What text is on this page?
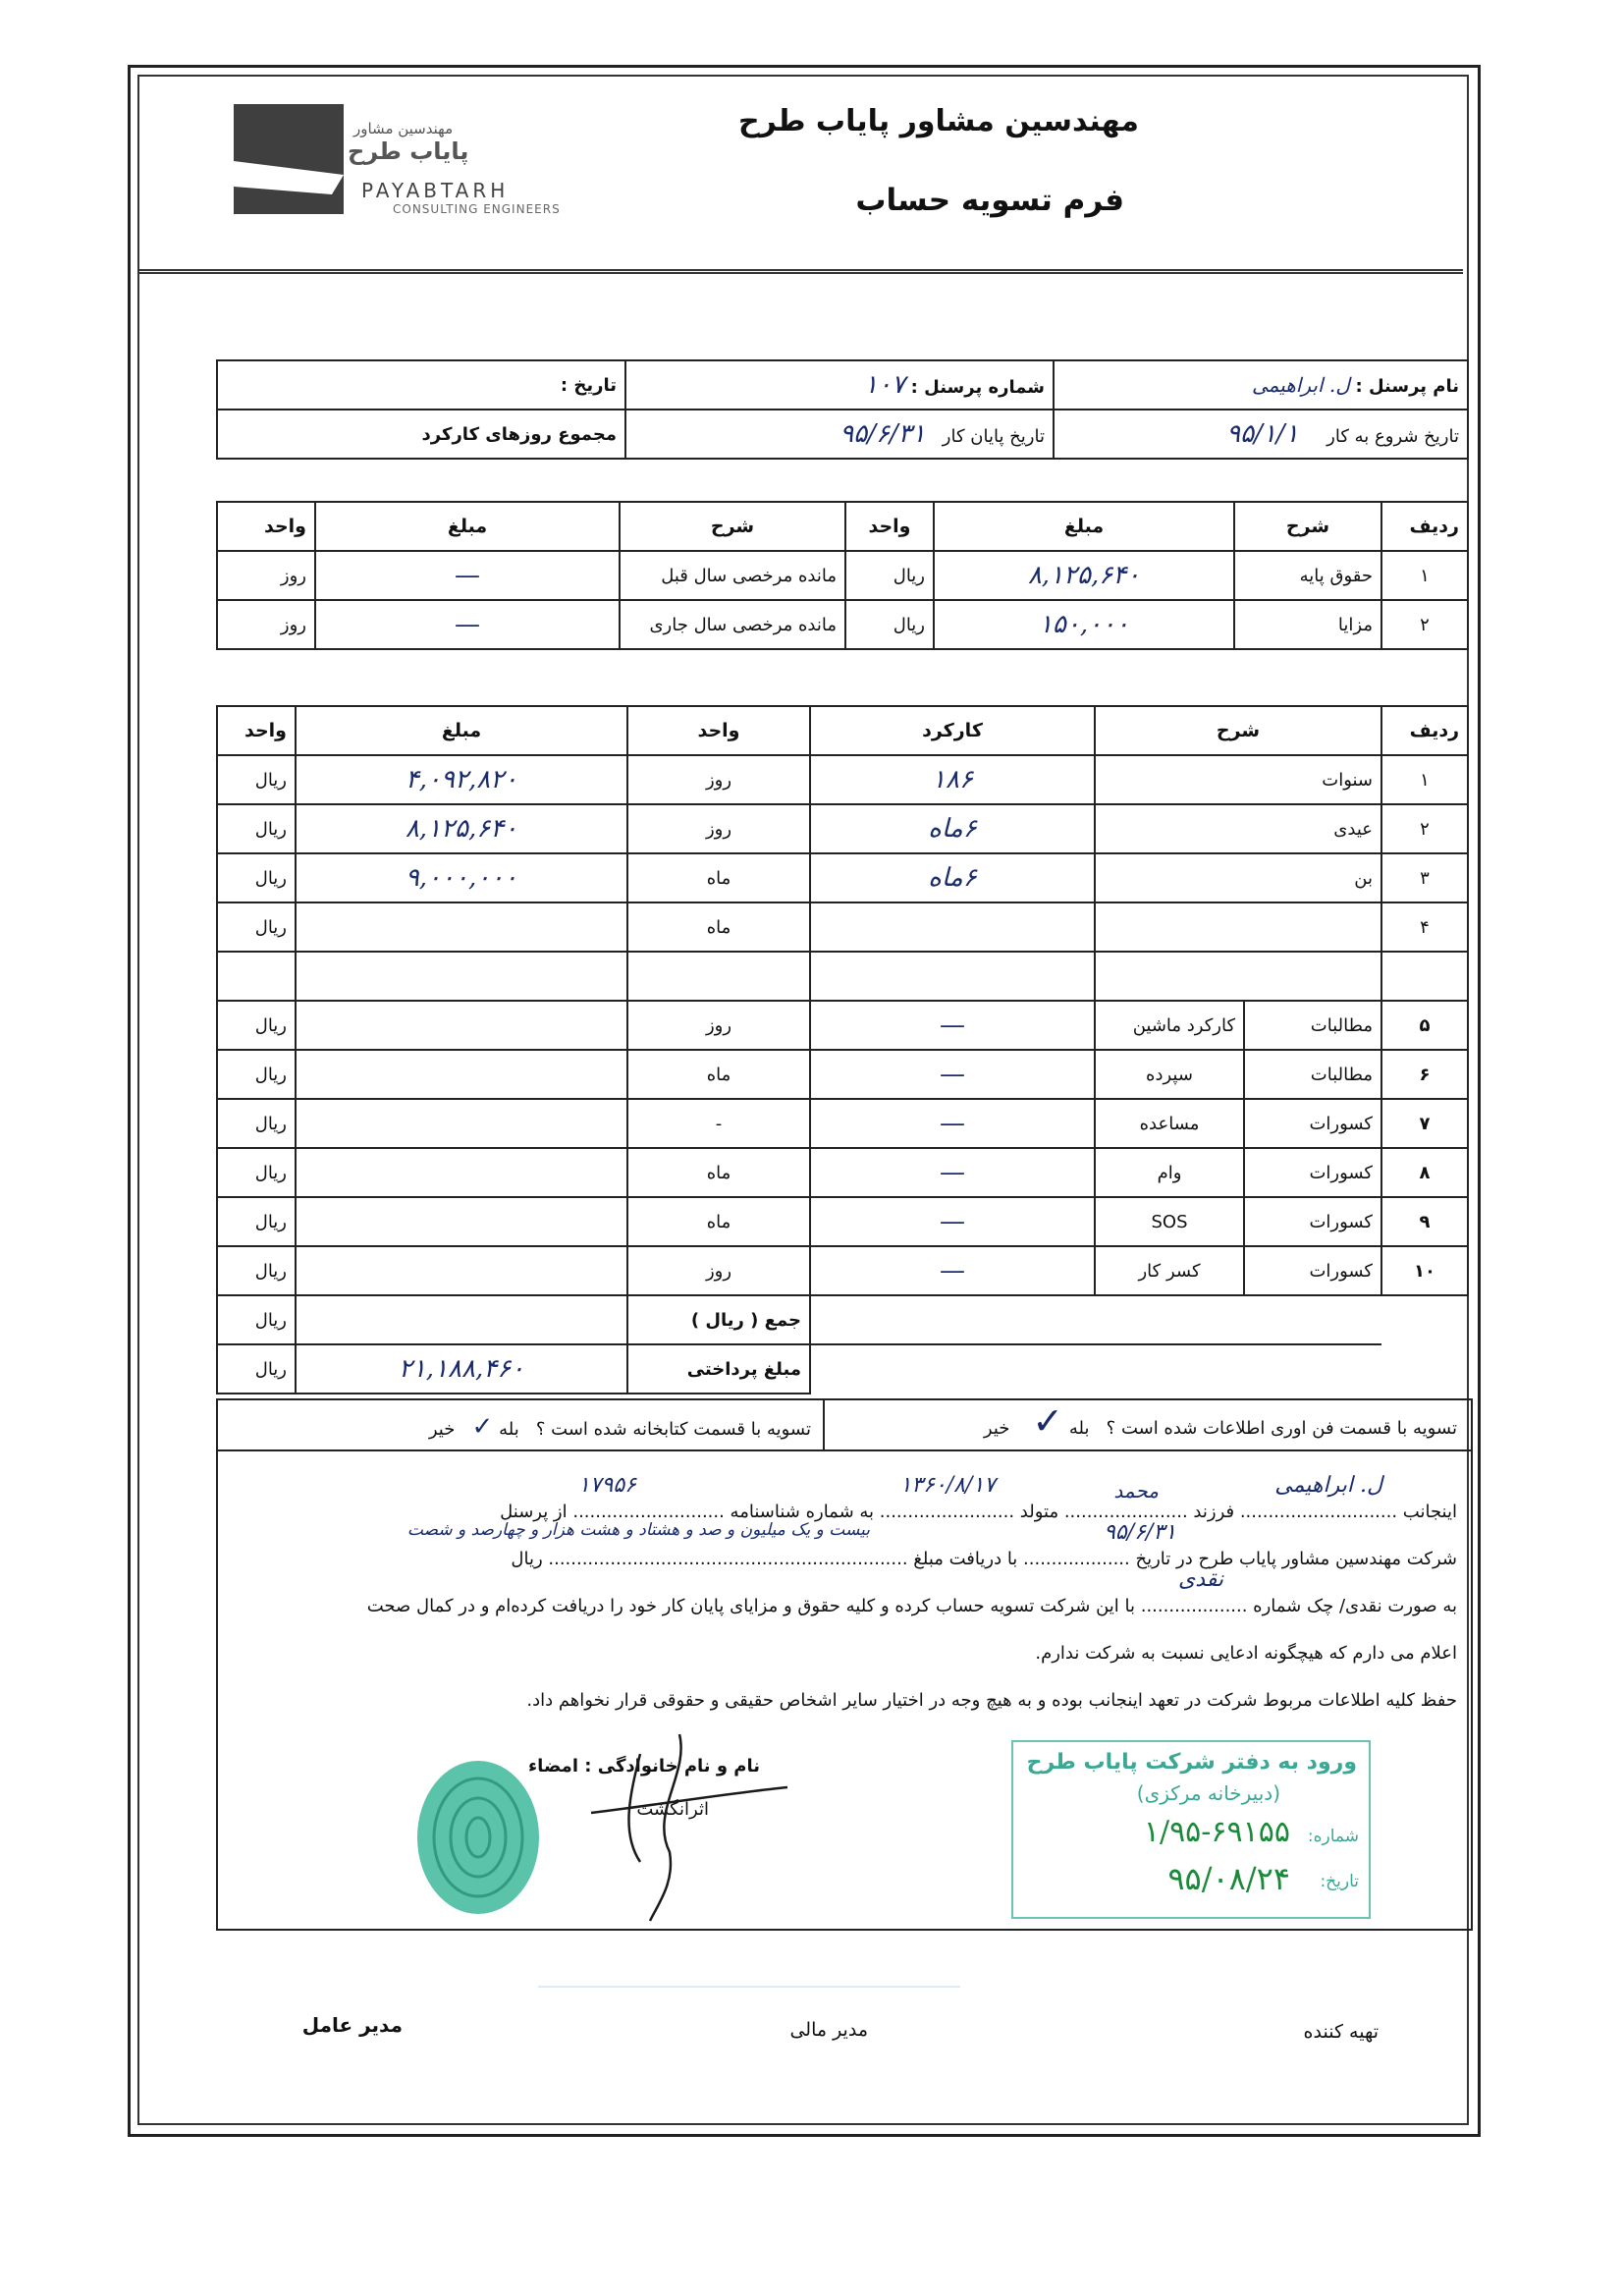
مهندسین مشاور پایاب طرح
فرم تسویه حساب
مهندسین مشاور
پایاب طرح
PAYABTARH
CONSULTING ENGINEERS
نام پرسنل : ل. ابراهیمی	شماره پرسنل : ۱۰۷	تاریخ :
تاریخ شروع به کار     ۹۵/۱/۱	تاریخ پایان کار   ۹۵/۶/۳۱	مجموع روزهای کارکرد
ردیف	شرح	مبلغ	واحد	شرح	مبلغ	واحد
۱	حقوق پایه	۸,۱۲۵,۶۴۰	ریال	مانده مرخصی سال قبل	—	روز
۲	مزایا	۱۵۰,۰۰۰	ریال	مانده مرخصی سال جاری	—	روز
ردیف	شرح		کارکرد	واحد	مبلغ	واحد
۱	سنوات		۱۸۶	روز	۴,۰۹۲,۸۲۰	ریال
۲	عیدی		۶ماه	روز	۸,۱۲۵,۶۴۰	ریال
۳	بن		۶ماه	ماه	۹,۰۰۰,۰۰۰	ریال
۴				ماه		ریال

۵	مطالبات	کارکرد ماشین	—	روز		ریال
۶	مطالبات	سپرده	—	ماه		ریال
۷	کسورات	مساعده	—	-		ریال
۸	کسورات	وام	—	ماه		ریال
۹	کسورات	SOS	—	ماه		ریال
۱۰	کسورات	کسر کار	—	روز		ریال
				جمع ( ریال )		ریال
				مبلغ پرداختی	۲۱,۱۸۸,۴۶۰	ریال
تسویه با قسمت فن اوری اطلاعات شده است ؟   بله ✓    خیر
تسویه با قسمت کتابخانه شده است ؟   بله ✓   خیر
اینجانب ............................ فرزند ...................... متولد ........................ به شماره شناسنامه ........................... از پرسنل
شرکت مهندسین مشاور پایاب طرح در تاریخ ................... با دریافت مبلغ ................................................................ ریال
به صورت نقدی/ چک شماره ................... با این شرکت تسویه حساب کرده و کلیه حقوق و مزایای پایان کار خود را دریافت کرده‌ام و در کمال صحت
اعلام می دارم که هیچگونه ادعایی نسبت به شرکت ندارم.
حفظ کلیه اطلاعات مربوط شرکت در تعهد اینجانب بوده و به هیچ وجه در اختیار سایر اشخاص حقیقی و حقوقی قرار نخواهم داد.
ل. ابراهیمی
محمد
۱۳۶۰/۸/۱۷
۱۷۹۵۶
۹۵/۶/۳۱
بیست و یک میلیون و صد و هشتاد و هشت هزار و چهارصد و شصت
نقدی
نام و نام خانوادگی : امضاء
اثرانگشت
ورود به دفتر شرکت پایاب طرح
(دبیرخانه مرکزی)
شماره:
۱/۹۵-۶۹۱۵۵
تاریخ:
۹۵/۰۸/۲۴
تهیه کننده
مدیر مالی
مدیر عامل
